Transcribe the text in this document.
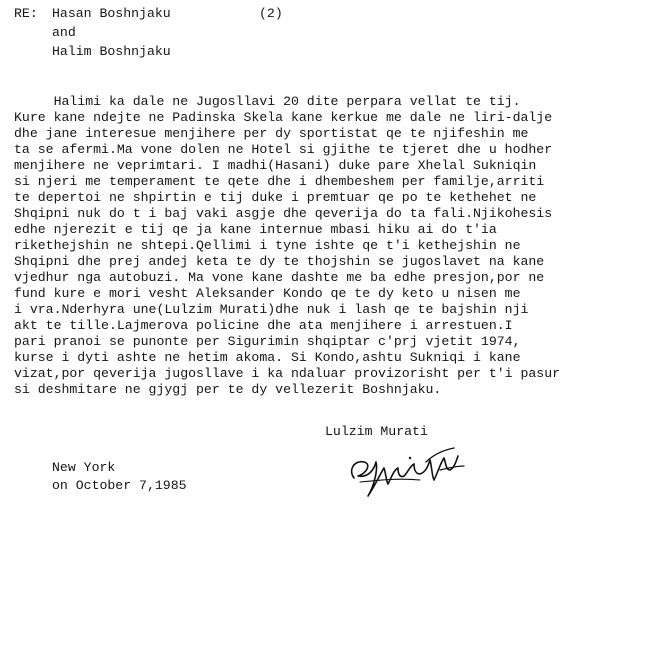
RE: Hasan Boshnjaku	(2)
and
Halim Boshnjaku
Halimi ka dale ne Jugosllavi 20 dite perpara vellat te tij.
Kure kane ndejte ne Padinska Skela kane kerkue me dale ne liri-dalje
dhe jane interesue menjihere per dy sportistat qe te njifeshin me
ta se afermi.Ma vone dolen ne Hotel si gjithe te tjeret dhe u hodher
menjihere ne veprimtari. I madhi(Hasani) duke pare Xhelal Sukniqin
si njeri me temperament te qete dhe i dhembeshem per familje,arriti
te depertoi ne shpirtin e tij duke i premtuar qe po te kethehet ne
Shqipni nuk do t i baj vaki asgje dhe qeverija do ta fali.Njikohesis
edhe njerezit e tij qe ja kane internue mbasi hiku ai do t'ia
rikethejshin ne shtepi.Qellimi i tyne ishte qe t'i kethejshin ne
Shqipni dhe prej andej keta te dy te thojshin se jugoslavet na kane
vjedhur nga autobuzi. Ma vone kane dashte me ba edhe presjon,por ne
fund kure e mori vesht Aleksander Kondo qe te dy keto u nisen me
i vra.Nderhyra une(Lulzim Murati)dhe nuk i lash qe te bajshin nji
akt te tille.Lajmerova policine dhe ata menjihere i arrestuen.I
pari pranoi se punonte per Sigurimin shqiptar c'prj vjetit 1974,
kurse i dyti ashte ne hetim akoma. Si Kondo,ashtu Sukniqi i kane
vizat,por qeverija jugosllave i ka ndaluar provizorisht per t'i pasur
si deshmitare ne gjygj per te dy vellezerit Boshnjaku.
Lulzim Murati
New York
on October 7,1985
